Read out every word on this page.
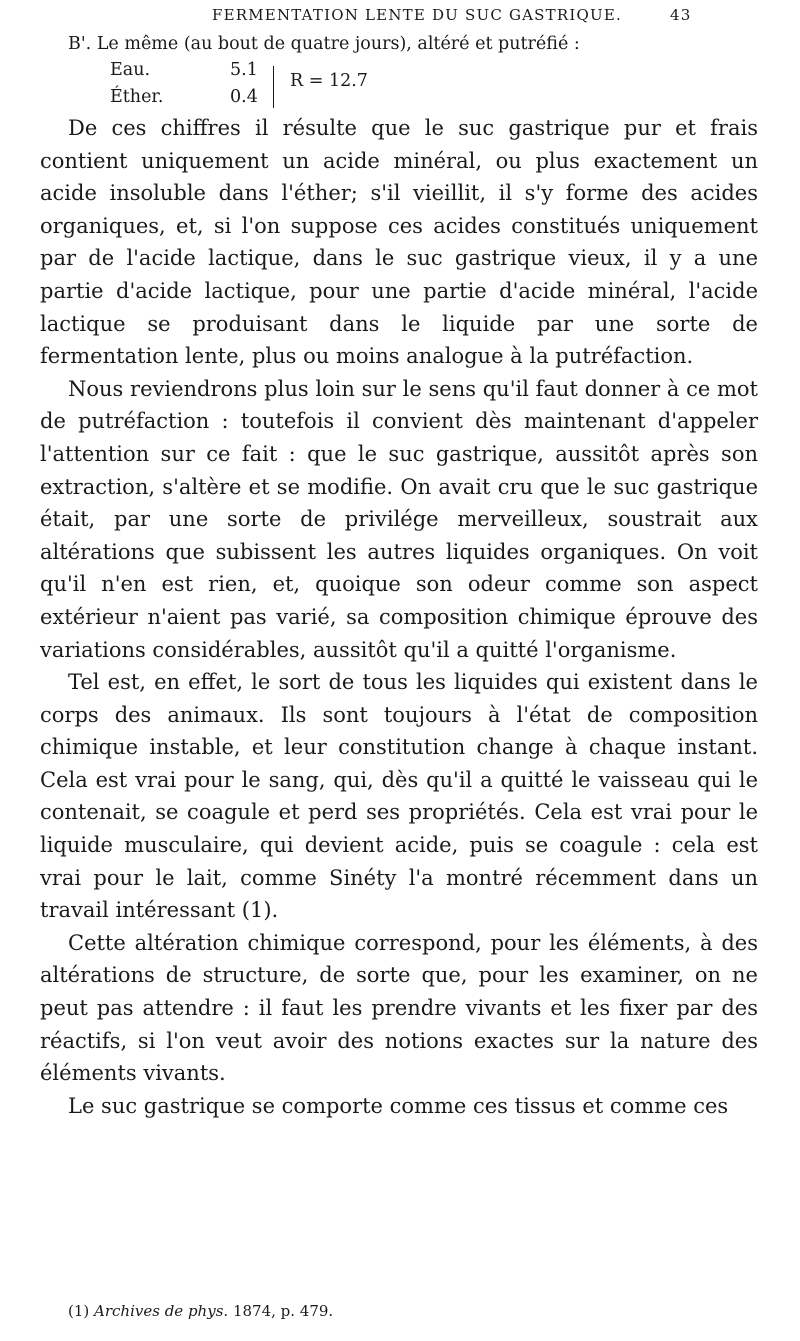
FERMENTATION LENTE DU SUC GASTRIQUE.	43
B'. Le même (au bout de quatre jours), altéré et putréfié :
Eau.	5.1
Éther.	0.4
R = 12.7

De ces chiffres il résulte que le suc gastrique pur et frais contient uniquement un acide minéral, ou plus exactement un acide insoluble dans l'éther; s'il vieillit, il s'y forme des acides organiques, et, si l'on suppose ces acides constitués uniquement par de l'acide lactique, dans le suc gastrique vieux, il y a une partie d'acide lactique, pour une partie d'acide minéral, l'acide lactique se produisant dans le liquide par une sorte de fermentation lente, plus ou moins analogue à la putréfaction.

Nous reviendrons plus loin sur le sens qu'il faut donner à ce mot de putréfaction : toutefois il convient dès maintenant d'appeler l'attention sur ce fait : que le suc gastrique, aussitôt après son extraction, s'altère et se modifie. On avait cru que le suc gastrique était, par une sorte de privilége merveilleux, soustrait aux altérations que subissent les autres liquides organiques. On voit qu'il n'en est rien, et, quoique son odeur comme son aspect extérieur n'aient pas varié, sa composition chimique éprouve des variations considérables, aussitôt qu'il a quitté l'organisme.

Tel est, en effet, le sort de tous les liquides qui existent dans le corps des animaux. Ils sont toujours à l'état de composition chimique instable, et leur constitution change à chaque instant. Cela est vrai pour le sang, qui, dès qu'il a quitté le vaisseau qui le contenait, se coagule et perd ses propriétés. Cela est vrai pour le liquide musculaire, qui devient acide, puis se coagule : cela est vrai pour le lait, comme Sinéty l'a montré récemment dans un travail intéressant (1).

Cette altération chimique correspond, pour les éléments, à des altérations de structure, de sorte que, pour les examiner, on ne peut pas attendre : il faut les prendre vivants et les fixer par des réactifs, si l'on veut avoir des notions exactes sur la nature des éléments vivants.

Le suc gastrique se comporte comme ces tissus et comme ces

(1) Archives de phys. 1874, p. 479.
